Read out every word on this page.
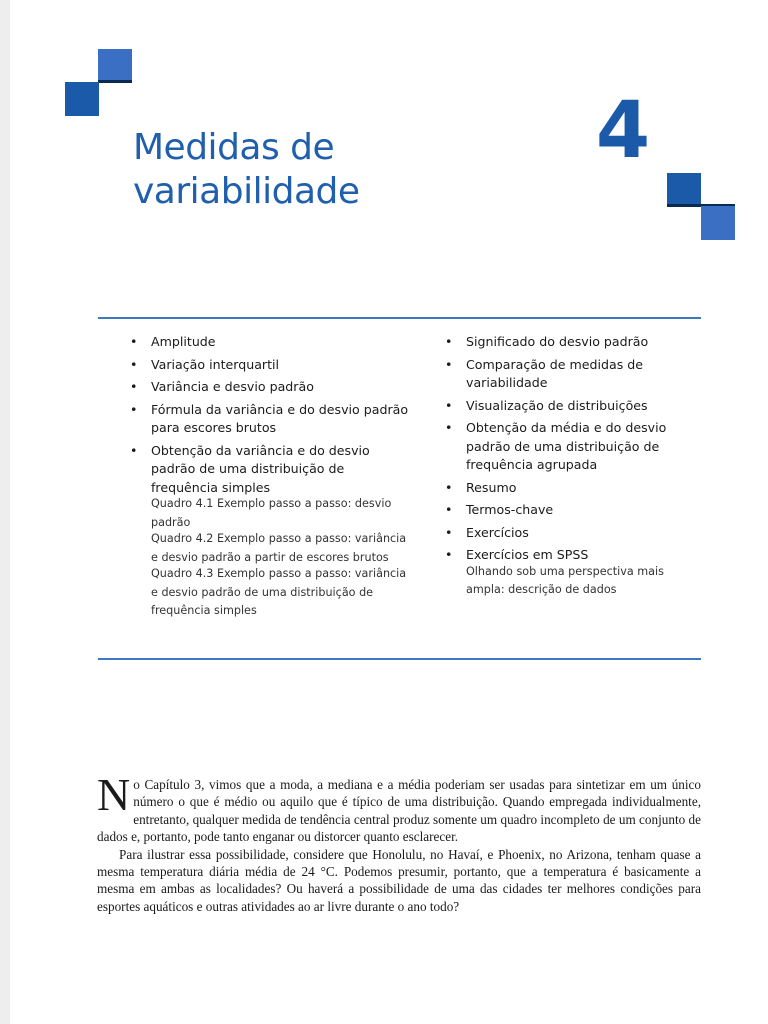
Medidas de
variabilidade
4
• Amplitude
• Variação interquartil
• Variância e desvio padrão
• Fórmula da variância e do desvio padrão para escores brutos
• Obtenção da variância e do desvio padrão de uma distribuição de frequência simples
Quadro 4.1 Exemplo passo a passo: desvio padrão
Quadro 4.2 Exemplo passo a passo: variância e desvio padrão a partir de escores brutos
Quadro 4.3 Exemplo passo a passo: variância e desvio padrão de uma distribuição de frequência simples
• Significado do desvio padrão
• Comparação de medidas de variabilidade
• Visualização de distribuições
• Obtenção da média e do desvio padrão de uma distribuição de frequência agrupada
• Resumo
• Termos-chave
• Exercícios
• Exercícios em SPSS
Olhando sob uma perspectiva mais ampla: descrição de dados

No Capítulo 3, vimos que a moda, a mediana e a média poderiam ser usadas para sintetizar em um único número o que é médio ou aquilo que é típico de uma distribuição. Quando empregada individualmente, entretanto, qualquer medida de tendência central produz somente um quadro incompleto de um conjunto de dados e, portanto, pode tanto enganar ou distorcer quanto esclarecer.

Para ilustrar essa possibilidade, considere que Honolulu, no Havaí, e Phoenix, no Arizona, tenham quase a mesma temperatura diária média de 24 °C. Podemos presumir, portanto, que a temperatura é basicamente a mesma em ambas as localidades? Ou haverá a possibilidade de uma das cidades ter melhores condições para esportes aquáticos e outras atividades ao ar livre durante o ano todo?
